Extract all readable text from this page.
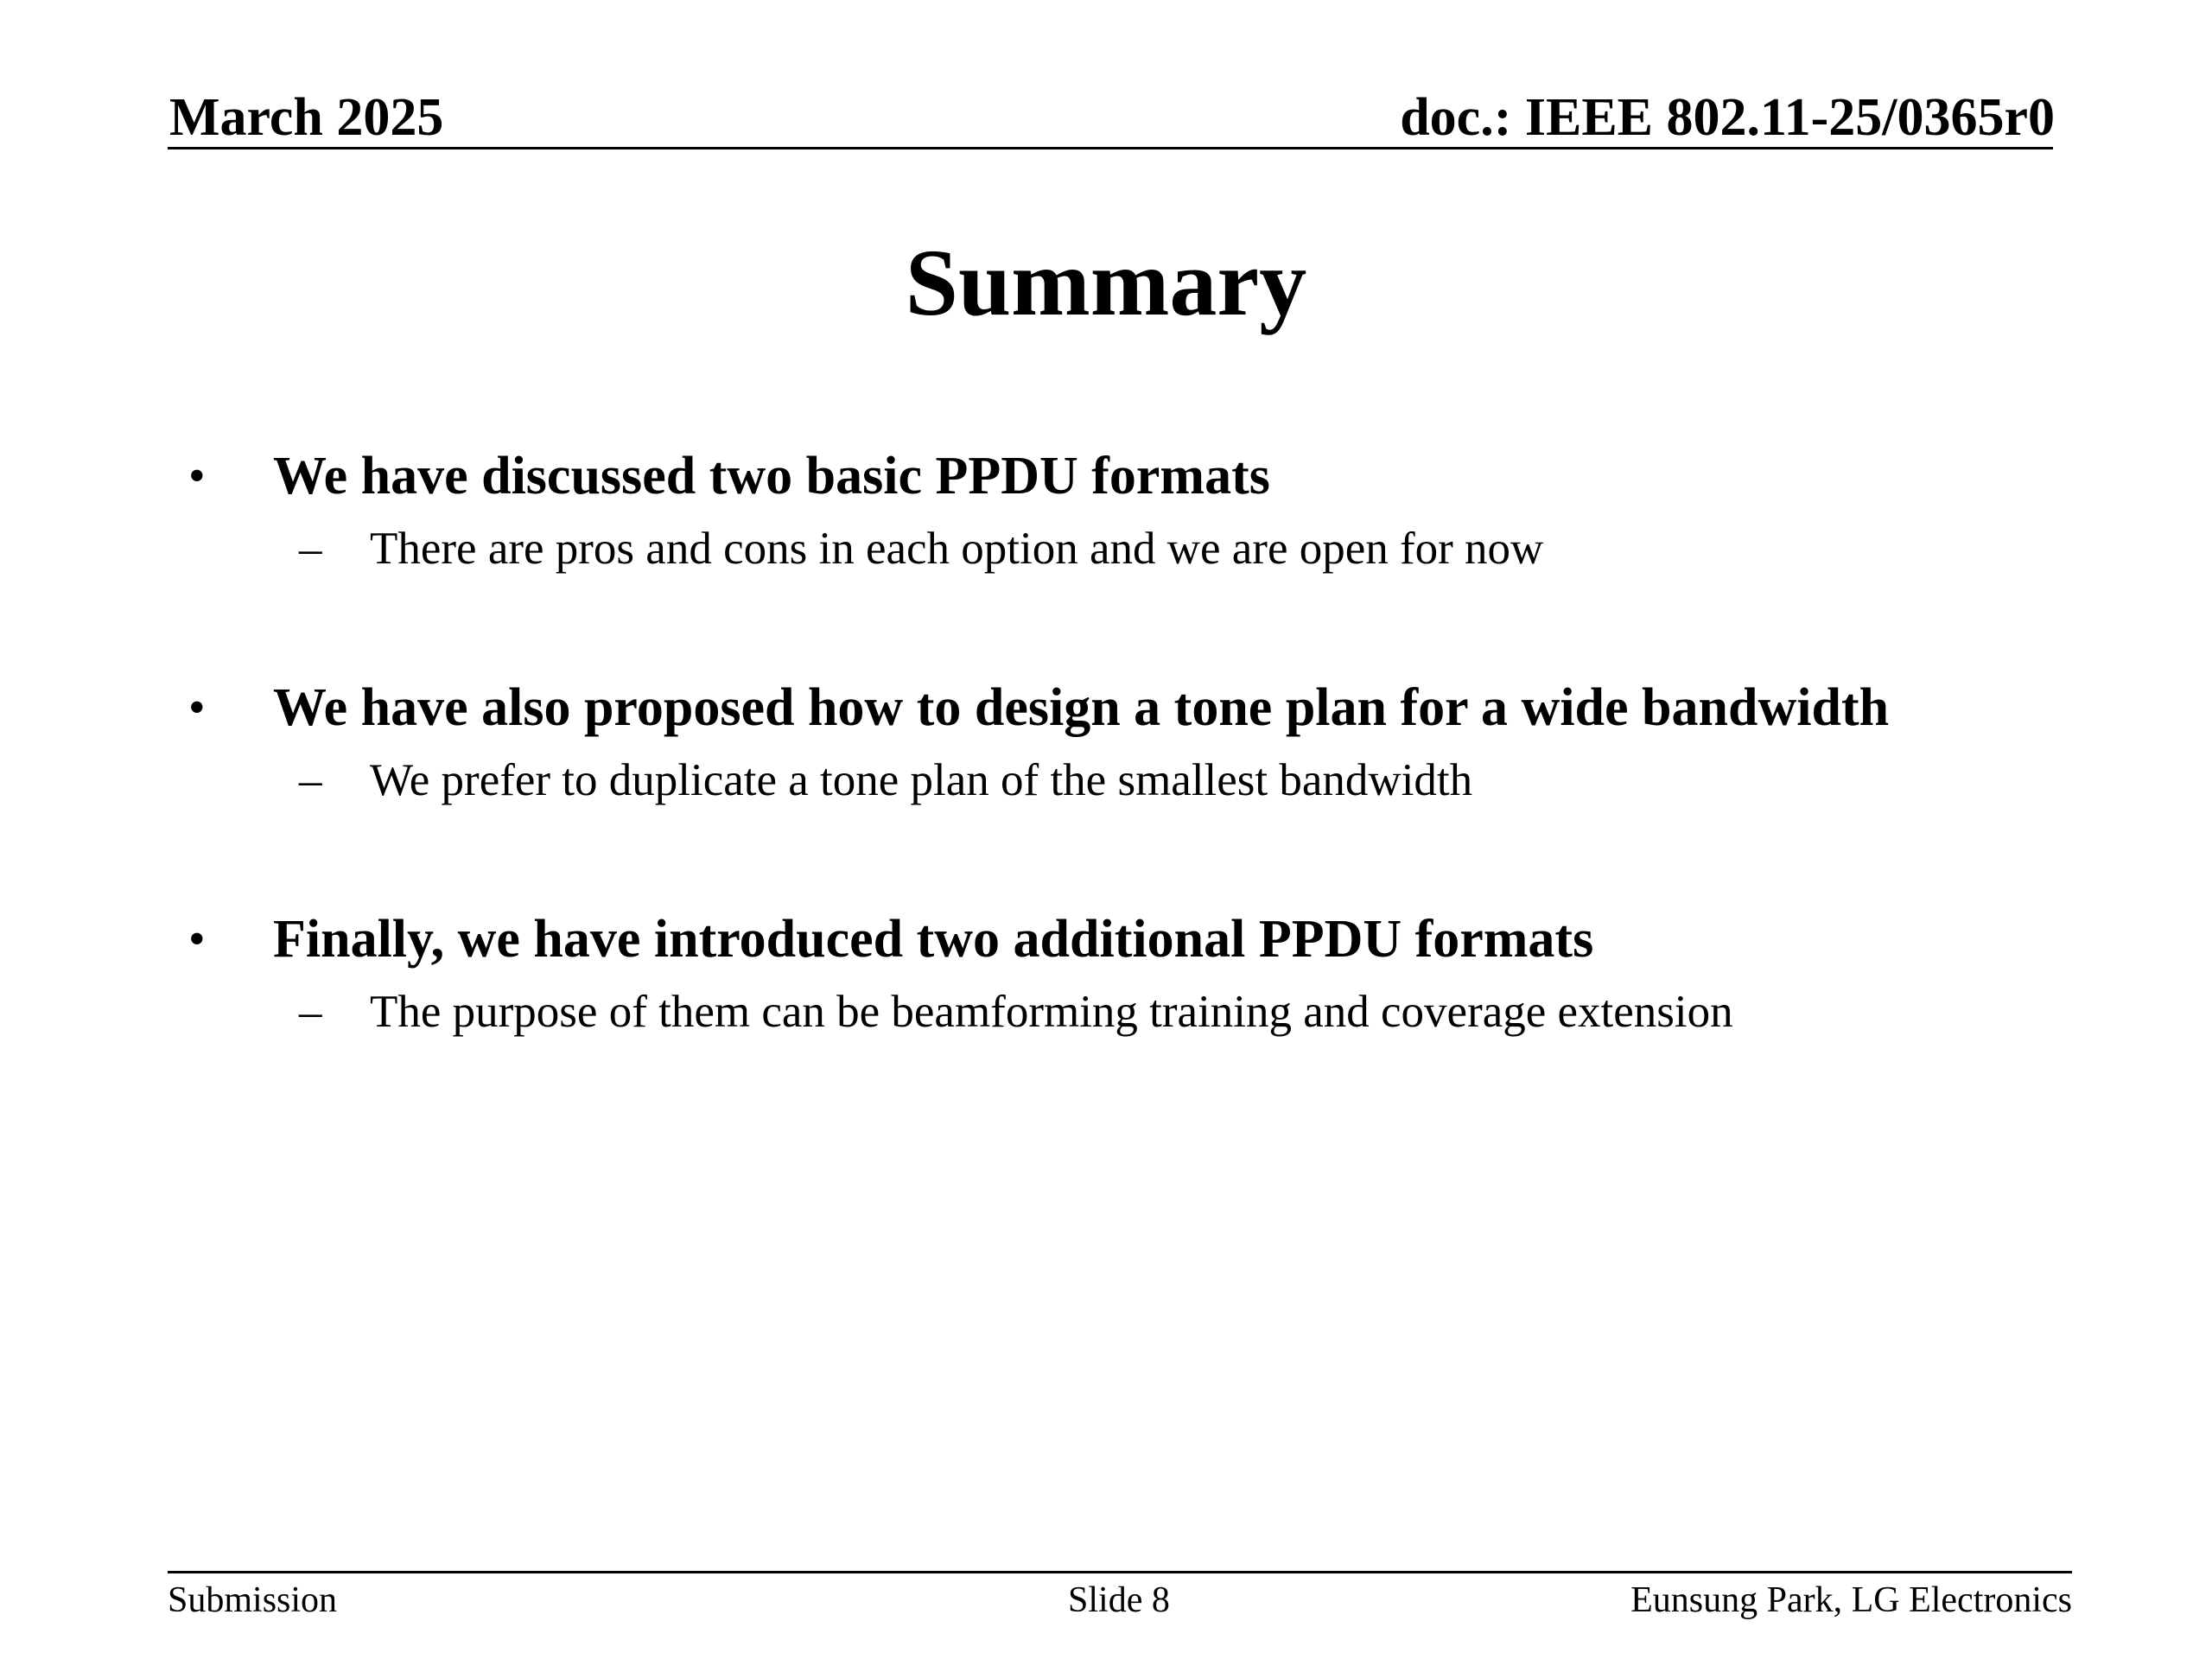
March 2025	doc.: IEEE 802.11-25/0365r0
Summary
• We have discussed two basic PPDU formats
– There are pros and cons in each option and we are open for now
• We have also proposed how to design a tone plan for a wide bandwidth
– We prefer to duplicate a tone plan of the smallest bandwidth
• Finally, we have introduced two additional PPDU formats
– The purpose of them can be beamforming training and coverage extension
Submission	Slide 8	Eunsung Park, LG Electronics
